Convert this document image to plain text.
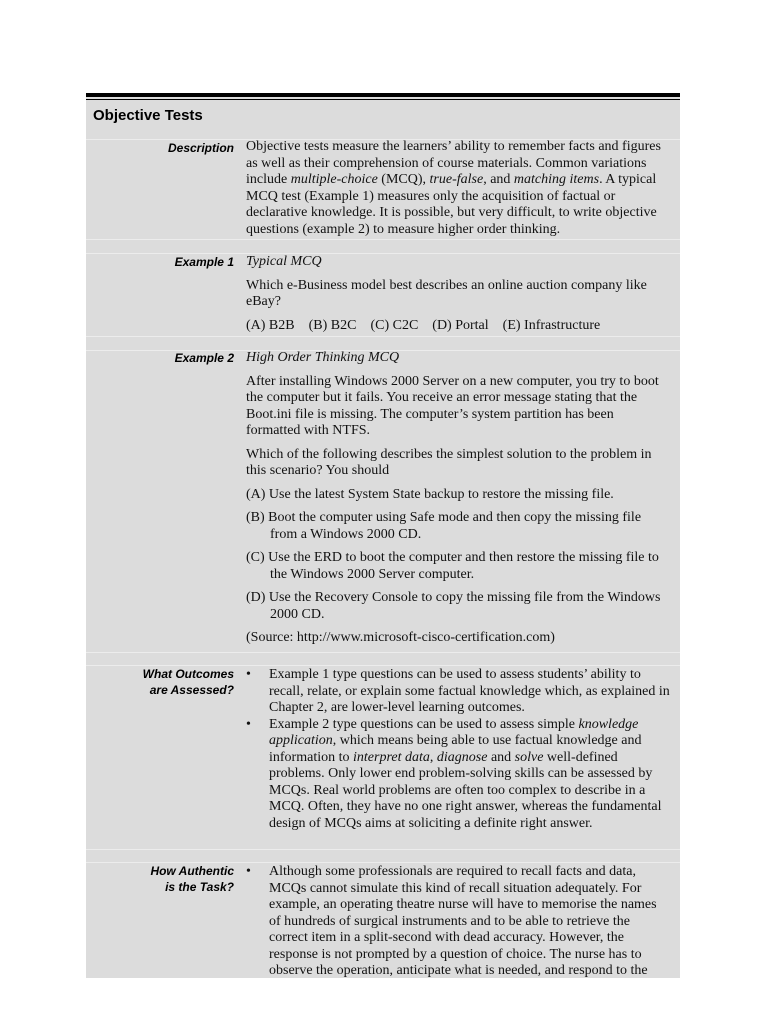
Objective Tests
Description Objective tests measure the learners’ ability to remember facts and figures as well as their comprehension of course materials. Common variations include multiple-choice (MCQ), true-false, and matching items. A typical MCQ test (Example 1) measures only the acquisition of factual or declarative knowledge. It is possible, but very difficult, to write objective questions (example 2) to measure higher order thinking.

Example 1 Typical MCQ

Which e-Business model best describes an online auction company like eBay?

(A) B2B    (B) B2C    (C) C2C    (D) Portal    (E) Infrastructure

Example 2 High Order Thinking MCQ

After installing Windows 2000 Server on a new computer, you try to boot the computer but it fails. You receive an error message stating that the Boot.ini file is missing. The computer’s system partition has been formatted with NTFS.

Which of the following describes the simplest solution to the problem in this scenario? You should

(A) Use the latest System State backup to restore the missing file.

(B) Boot the computer using Safe mode and then copy the missing file from a Windows 2000 CD.

(C) Use the ERD to boot the computer and then restore the missing file to the Windows 2000 Server computer.

(D) Use the Recovery Console to copy the missing file from the Windows 2000 CD.

(Source: http://www.microsoft-cisco-certification.com)

What Outcomes
are Assessed?
• Example 1 type questions can be used to assess students’ ability to recall, relate, or explain some factual knowledge which, as explained in Chapter 2, are lower-level learning outcomes.
• Example 2 type questions can be used to assess simple knowledge application, which means being able to use factual knowledge and information to interpret data, diagnose and solve well-defined problems. Only lower end problem-solving skills can be assessed by MCQs. Real world problems are often too complex to describe in a MCQ. Often, they have no one right answer, whereas the fundamental design of MCQs aims at soliciting a definite right answer.
How Authentic
is the Task?
• Although some professionals are required to recall facts and data, MCQs cannot simulate this kind of recall situation adequately. For example, an operating theatre nurse will have to memorise the names of hundreds of surgical instruments and to be able to retrieve the correct item in a split-second with dead accuracy. However, the response is not prompted by a question of choice. The nurse has to observe the operation, anticipate what is needed, and respond to the
